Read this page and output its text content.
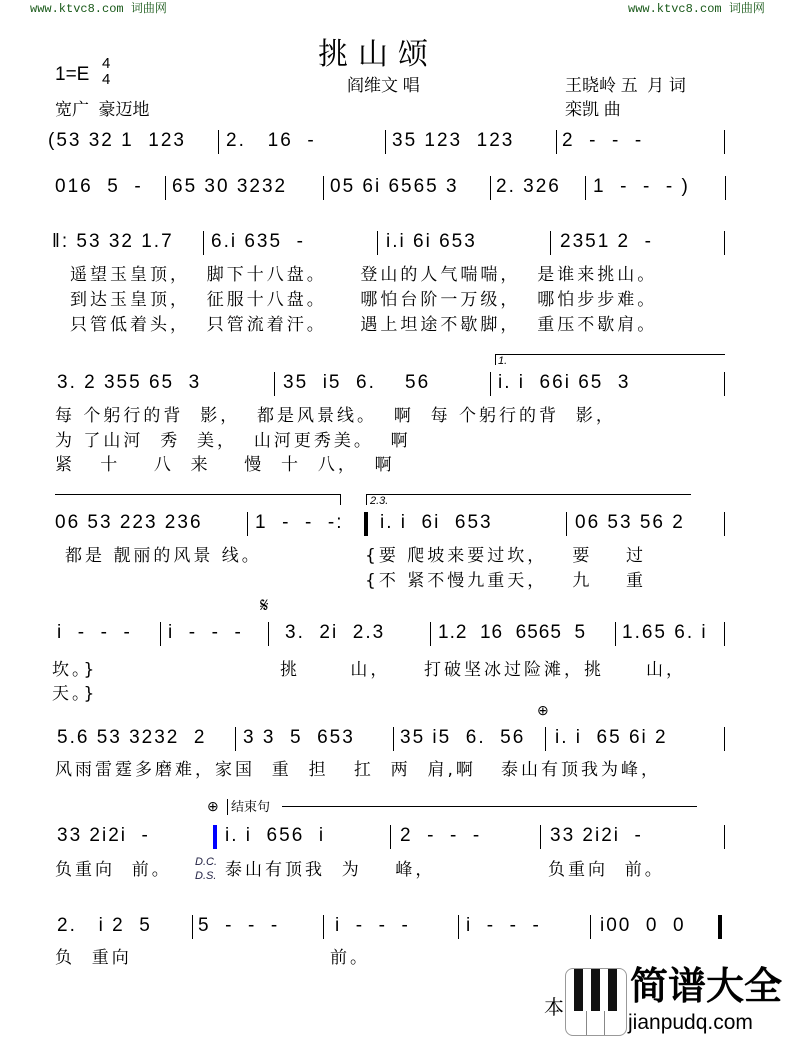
www.ktvc8.com 词曲网	www.ktvc8.com 词曲网
挑山颂
1=E
4
4	阎维文 唱	王晓岭 五  月 词
宽广  豪迈地	栾凯 曲
(53 32 1  123 2.   16  -	35 123  123	2  -  -  -
016  5  - 65 30 3232 05 6i 6565 3 2. 326 1  -  -  - )
‖: 53 32 1.7 6.i 635  -	i.i 6i 653	2351 2  -
遥望玉皇顶，  脚下十八盘。    登山的人气喘喘，  是谁来挑山。
到达玉皇顶，  征服十八盘。    哪怕台阶一万级，  哪怕步步难。
只管低着头，  只管流着汗。    遇上坦途不歇脚，  重压不歇肩。
1.
3. 2 355 65  3	35  i5  6.    56	i. i  66i 65  3
每 个躬行的背  影，  都是风景线。  啊  每 个躬行的背  影，
为 了山河  秀  美，  山河更秀美。  啊
紧   十    八  来    慢  十  八，  啊
2.3.
06 53 223 236	1  -  -  -: i. i  6i  653	06 53 56 2
都是 靓丽的风景 线。	{要 爬坡来要过坎，   要    过
{不 紧不慢九重天，   九    重
𝄋
i  -  -  - i  -  -  - 3.  2i  2.3	1.2  16  6565  5 1.65 6. i
坎。}
天。}
挑      山，    打破坚冰过险滩，挑     山，
⊕
5.6 53 3232  2 3 3  5  653 35 i5  6.  56 i. i  65 6i 2
风雨雷霆多磨难，家国  重  担   扛  两  肩,啊   泰山有顶我为峰，
⊕ 结束句
33 2i2i  -	i. i  656  i	2  -  -  -	33 2i2i  -
负重向  前。 D.C.
D.S. 泰山有顶我  为    峰，	负重向  前。
2.   i 2  5 5  -  -  -	i  -  -  -	i  -  -  -	i00  0  0
负  重向	前。
本

简谱大全
jianpudq.com
